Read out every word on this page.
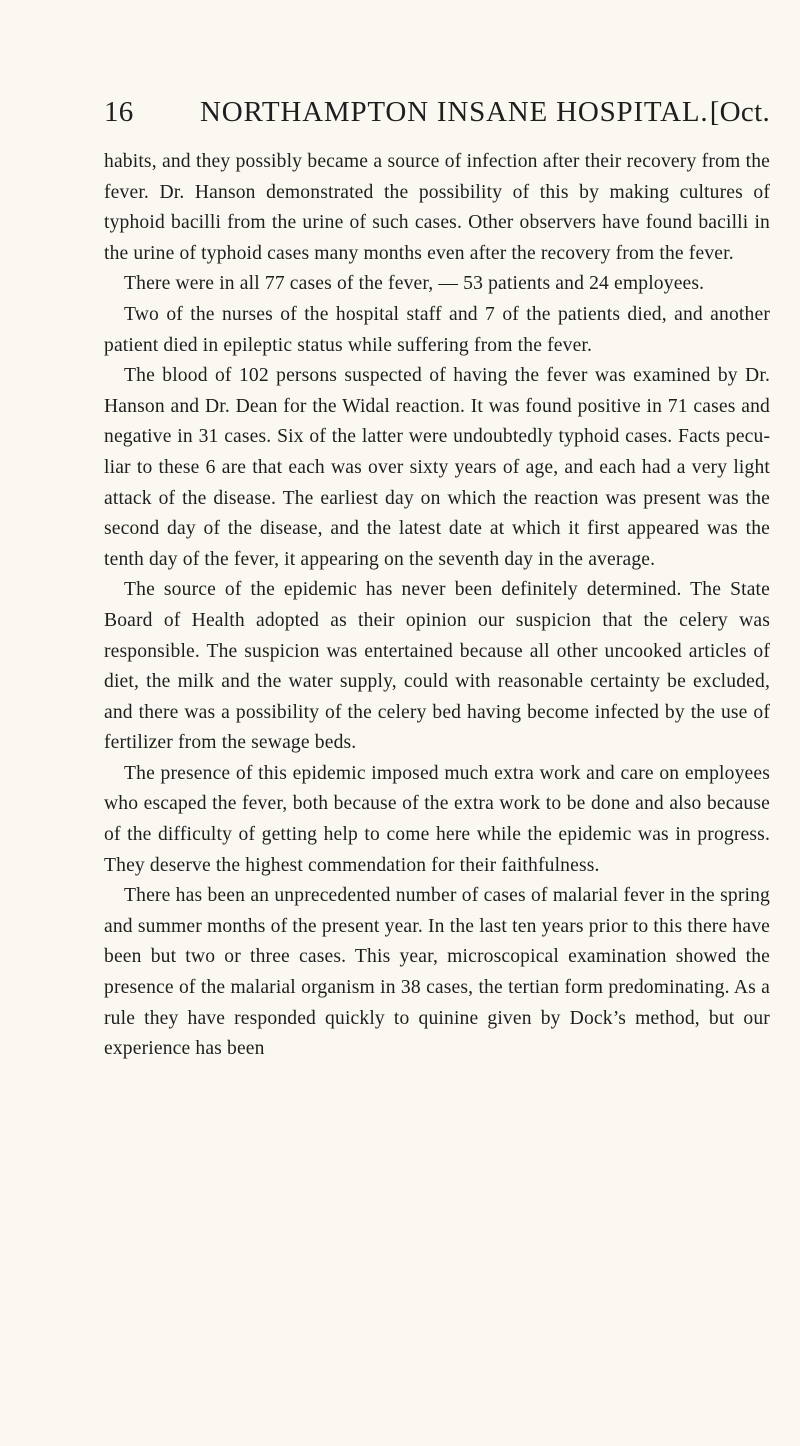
16 NORTHAMPTON INSANE HOSPITAL. [Oct.

habits, and they possibly became a source of infection after their recovery from the fever. Dr. Hanson demonstrated the possibility of this by making cultures of typhoid bacilli from the urine of such cases. Other observers have found bacilli in the urine of typhoid cases many months even after the recovery from the fever.

There were in all 77 cases of the fever, — 53 patients and 24 employees.

Two of the nurses of the hospital staff and 7 of the patients died, and another patient died in epileptic status while suffering from the fever.

The blood of 102 persons suspected of having the fever was examined by Dr. Hanson and Dr. Dean for the Widal reaction. It was found positive in 71 cases and negative in 31 cases. Six of the latter were undoubtedly typhoid cases. Facts peculiar to these 6 are that each was over sixty years of age, and each had a very light attack of the disease. The earliest day on which the reaction was present was the second day of the disease, and the latest date at which it first appeared was the tenth day of the fever, it appearing on the seventh day in the average.

The source of the epidemic has never been definitely determined. The State Board of Health adopted as their opinion our suspicion that the celery was responsible. The suspicion was entertained because all other uncooked articles of diet, the milk and the water supply, could with reasonable certainty be excluded, and there was a possibility of the celery bed having become infected by the use of fertilizer from the sewage beds.

The presence of this epidemic imposed much extra work and care on employees who escaped the fever, both because of the extra work to be done and also because of the difficulty of getting help to come here while the epidemic was in progress. They deserve the highest commendation for their faithfulness.

There has been an unprecedented number of cases of malarial fever in the spring and summer months of the present year. In the last ten years prior to this there have been but two or three cases. This year, microscopical examination showed the presence of the malarial organism in 38 cases, the tertian form predominating. As a rule they have responded quickly to quinine given by Dock’s method, but our experience has been
